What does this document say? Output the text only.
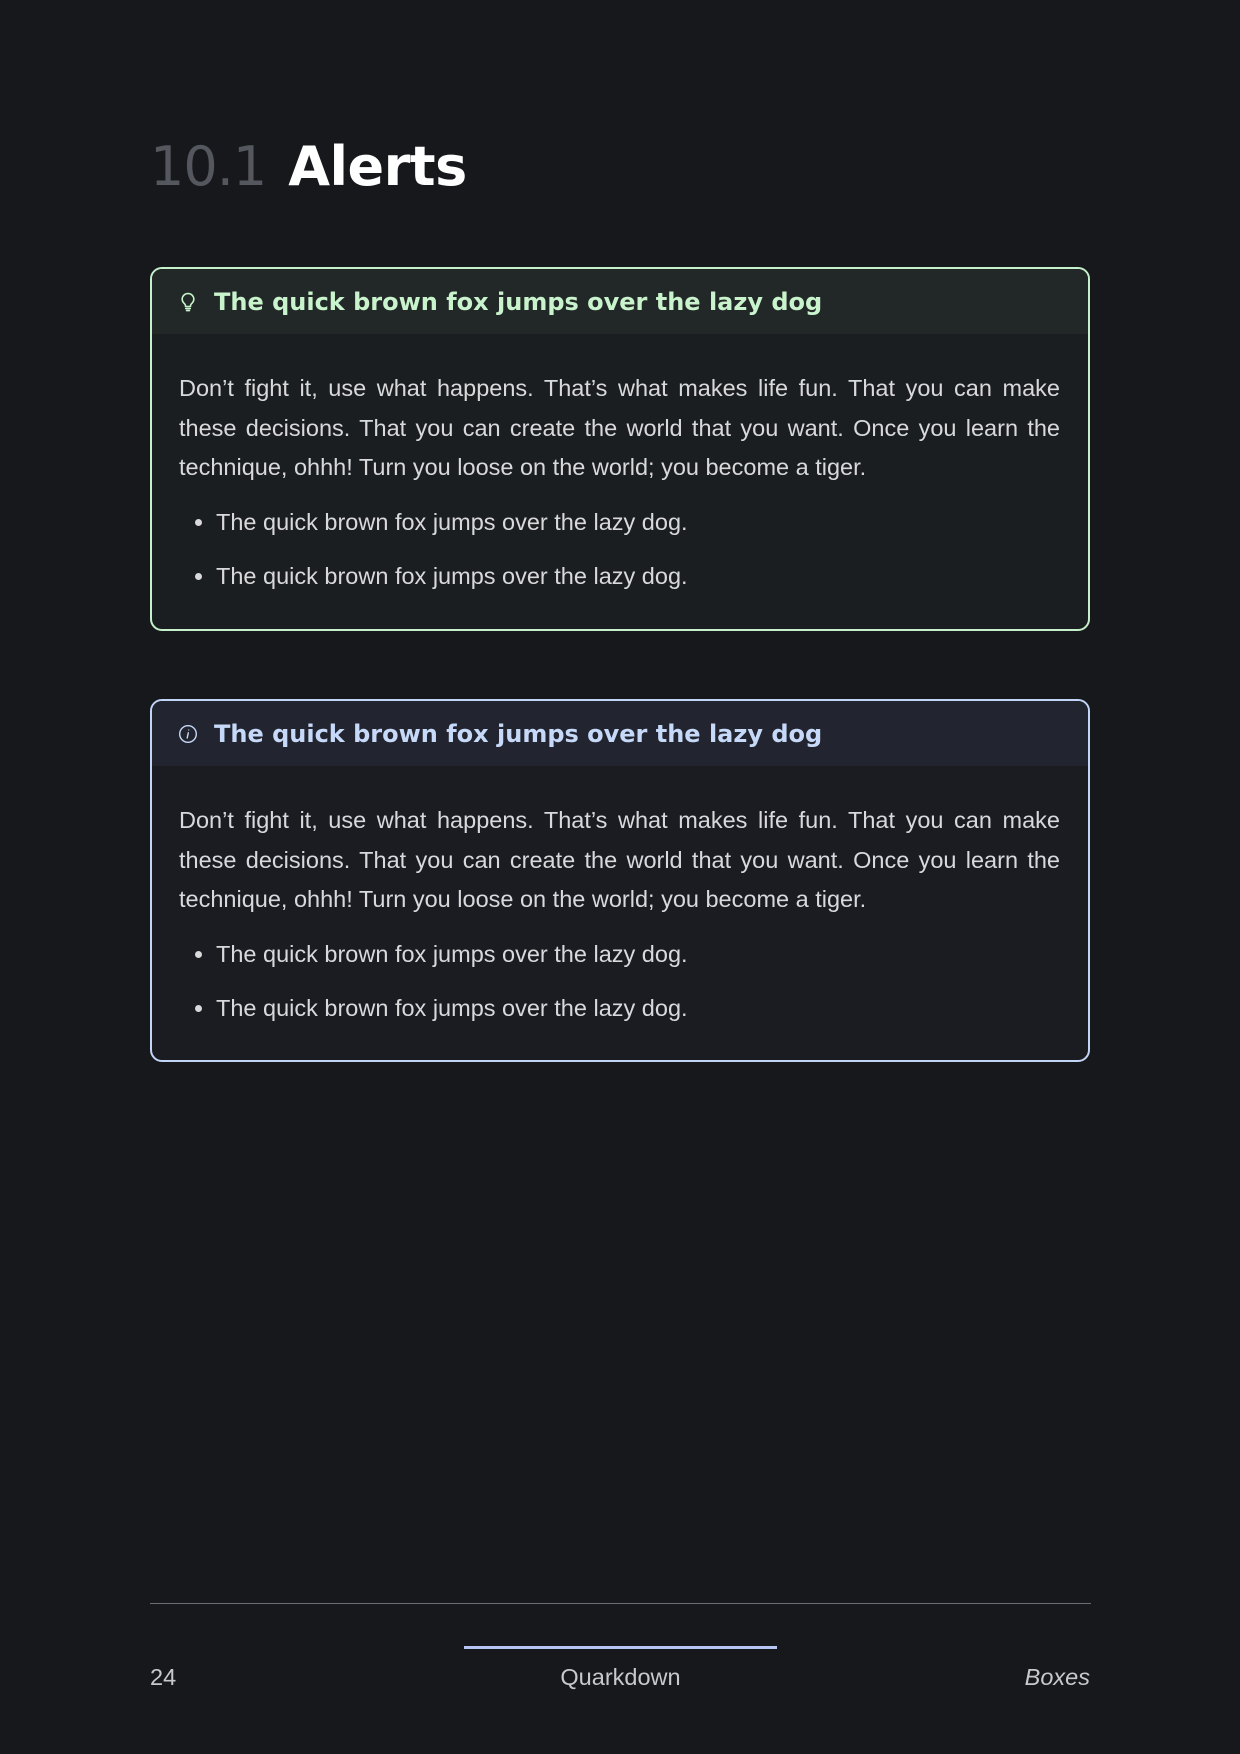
10.1 Alerts
The quick brown fox jumps over the lazy dog

Don’t fight it, use what happens. That’s what makes life fun. That you can make these decisions. That you can create the world that you want. Once you learn the technique, ohhh! Turn you loose on the world; you become a tiger.

• The quick brown fox jumps over the lazy dog.
• The quick brown fox jumps over the lazy dog.
The quick brown fox jumps over the lazy dog

Don’t fight it, use what happens. That’s what makes life fun. That you can make these decisions. That you can create the world that you want. Once you learn the technique, ohhh! Turn you loose on the world; you become a tiger.

• The quick brown fox jumps over the lazy dog.
• The quick brown fox jumps over the lazy dog.
24	Quarkdown	Boxes
